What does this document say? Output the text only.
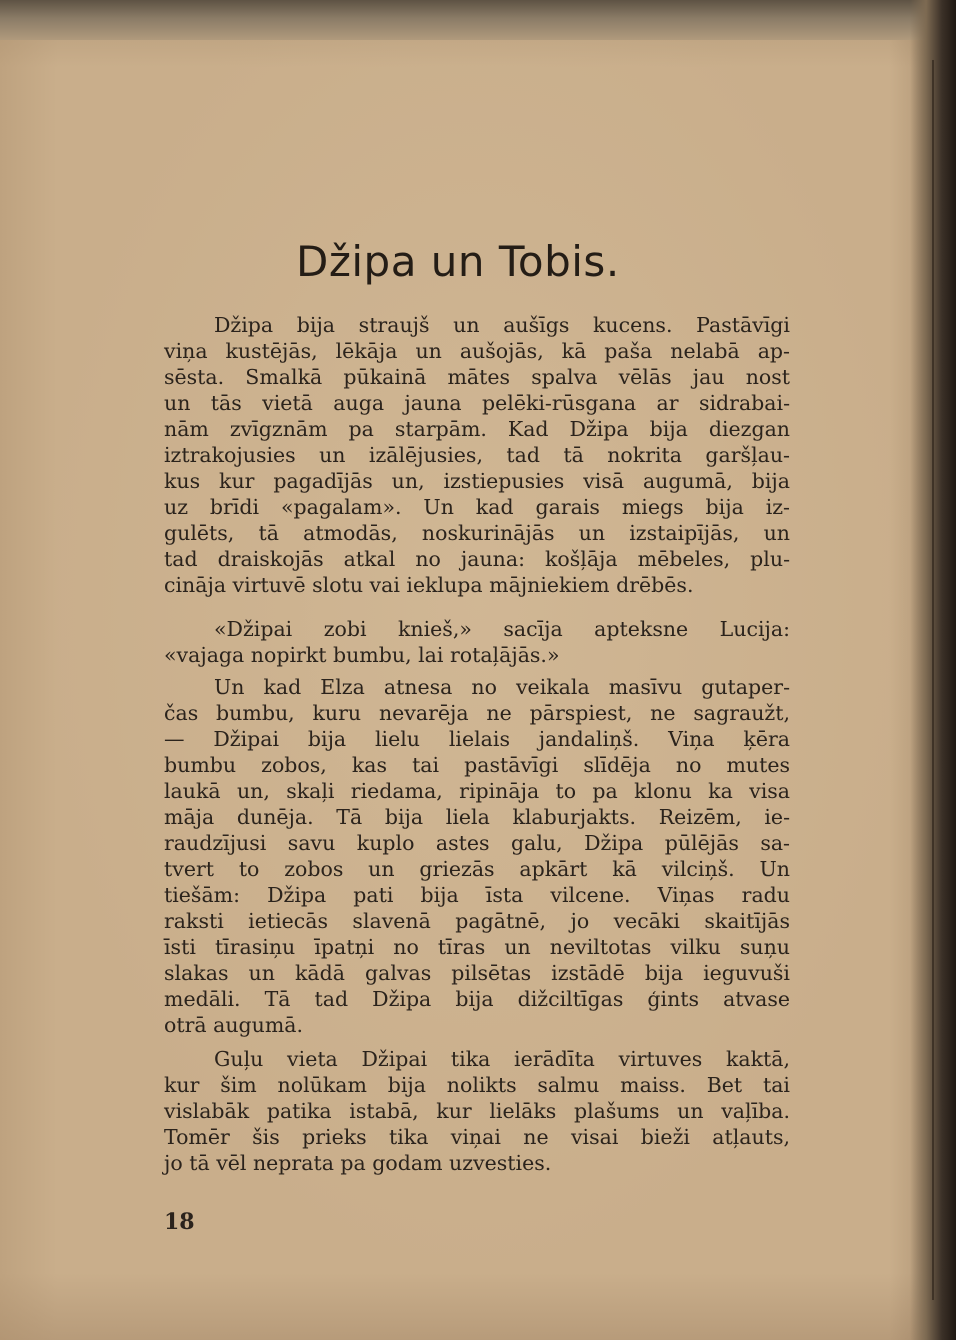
Džipa un Tobis.
Džipa bija straujš un aušīgs kucens. Pastāvīgi
viņa kustējās, lēkāja un aušojās, kā paša nelabā ap-
sēsta. Smalkā pūkainā mātes spalva vēlās jau nost
un tās vietā auga jauna pelēki-rūsgana ar sidrabai-
nām zvīgznām pa starpām. Kad Džipa bija diezgan
iztrakojusies un izālējusies, tad tā nokrita garšļau-
kus kur pagadījās un, izstiepusies visā augumā, bija
uz brīdi «pagalam». Un kad garais miegs bija iz-
gulēts, tā atmodās, noskurinājās un izstaipījās, un
tad draiskojās atkal no jauna: košļāja mēbeles, plu-
cināja virtuvē slotu vai ieklupa mājniekiem drēbēs.
«Džipai zobi knieš,» sacīja apteksne Lucija:
«vajaga nopirkt bumbu, lai rotaļājās.»
Un kad Elza atnesa no veikala masīvu gutaper-
čas bumbu, kuru nevarēja ne pārspiest, ne sagraužt,
— Džipai bija lielu lielais jandaliņš. Viņa ķēra
bumbu zobos, kas tai pastāvīgi slīdēja no mutes
laukā un, skaļi riedama, ripināja to pa klonu ka visa
māja dunēja. Tā bija liela klaburjakts. Reizēm, ie-
raudzījusi savu kuplo astes galu, Džipa pūlējās sa-
tvert to zobos un griezās apkārt kā vilciņš. Un
tiešām: Džipa pati bija īsta vilcene. Viņas radu
raksti ietiecās slavenā pagātnē, jo vecāki skaitījās
īsti tīrasiņu īpatņi no tīras un neviltotas vilku suņu
slakas un kādā galvas pilsētas izstādē bija ieguvuši
medāli. Tā tad Džipa bija dižciltīgas ģints atvase
otrā augumā.
Guļu vieta Džipai tika ierādīta virtuves kaktā,
kur šim nolūkam bija nolikts salmu maiss. Bet tai
vislabāk patika istabā, kur lielāks plašums un vaļība.
Tomēr šis prieks tika viņai ne visai bieži atļauts,
jo tā vēl neprata pa godam uzvesties.
18
